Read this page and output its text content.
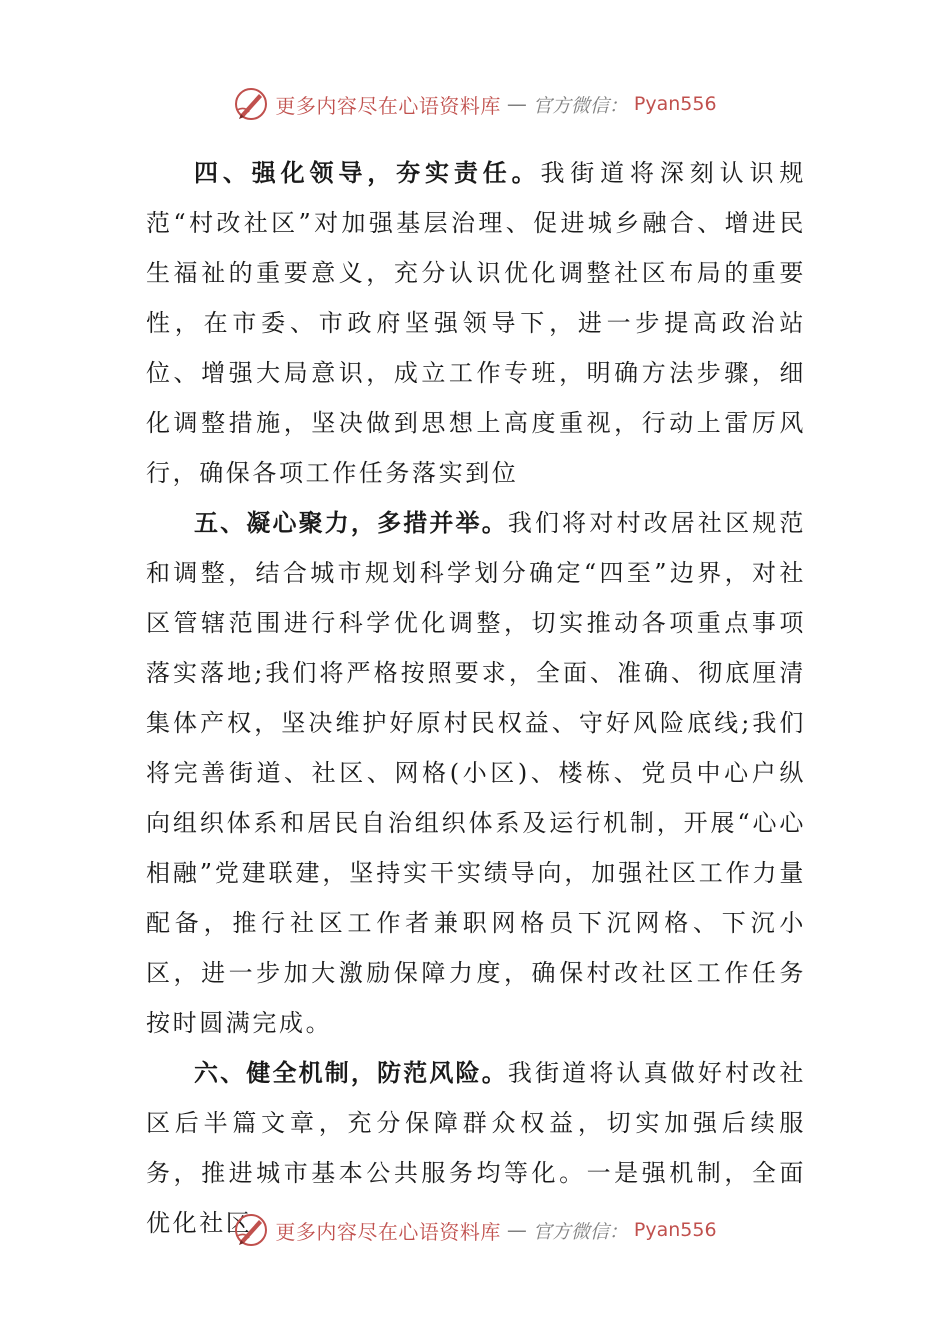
更多内容尽在心语资料库 — 官方微信： Pyan556

四、强化领导，夯实责任。我街道将深刻认识规范“村改社区”对加强基层治理、促进城乡融合、增进民生福祉的重要意义，充分认识优化调整社区布局的重要性，在市委、市政府坚强领导下，进一步提高政治站位、增强大局意识，成立工作专班，明确方法步骤，细化调整措施，坚决做到思想上高度重视，行动上雷厉风行，确保各项工作任务落实到位

五、凝心聚力，多措并举。我们将对村改居社区规范和调整，结合城市规划科学划分确定“四至”边界，对社区管辖范围进行科学优化调整，切实推动各项重点事项落实落地;我们将严格按照要求，全面、准确、彻底厘清集体产权，坚决维护好原村民权益、守好风险底线;我们将完善街道、社区、网格(小区)、楼栋、党员中心户纵向组织体系和居民自治组织体系及运行机制，开展“心心相融”党建联建，坚持实干实绩导向，加强社区工作力量配备，推行社区工作者兼职网格员下沉网格、下沉小区，进一步加大激励保障力度，确保村改社区工作任务按时圆满完成。

六、健全机制，防范风险。我街道将认真做好村改社区后半篇文章，充分保障群众权益，切实加强后续服务，推进城市基本公共服务均等化。一是强机制，全面优化社区	更多内容尽在心语资料库 — 官方微信： Pyan556
